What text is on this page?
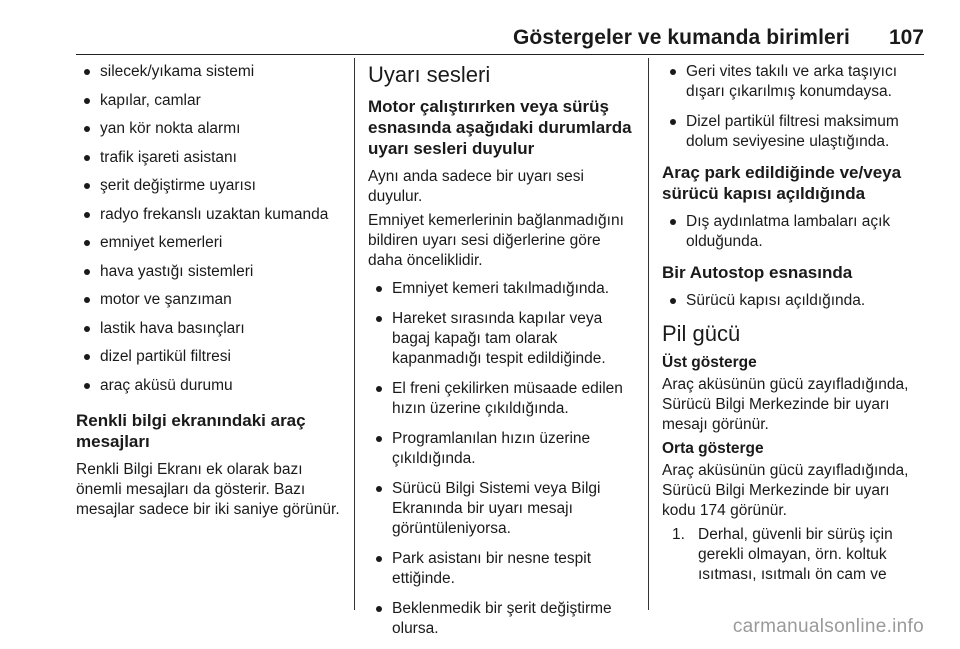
Göstergeler ve kumanda birimleri 107
silecek/yıkama sistemi
kapılar, camlar
yan kör nokta alarmı
trafik işareti asistanı
şerit değiştirme uyarısı
radyo frekanslı uzaktan kumanda
emniyet kemerleri
hava yastığı sistemleri
motor ve şanzıman
lastik hava basınçları
dizel partikül filtresi
araç aküsü durumu
Renkli bilgi ekranındaki araç mesajları

Renkli Bilgi Ekranı ek olarak bazı önemli mesajları da gösterir. Bazı mesajlar sadece bir iki saniye görünür.

Uyarı sesleri
Motor çalıştırırken veya sürüş esnasında aşağıdaki durumlarda uyarı sesleri duyulur

Aynı anda sadece bir uyarı sesi duyulur.

Emniyet kemerlerinin bağlanmadığını bildiren uyarı sesi diğerlerine göre daha önceliklidir.

Emniyet kemeri takılmadığında.
Hareket sırasında kapılar veya bagaj kapağı tam olarak kapanmadığı tespit edildiğinde.
El freni çekilirken müsaade edilen hızın üzerine çıkıldığında.
Programlanılan hızın üzerine çıkıldığında.
Sürücü Bilgi Sistemi veya Bilgi Ekranında bir uyarı mesajı görüntüleniyorsa.
Park asistanı bir nesne tespit ettiğinde.
Beklenmedik bir şerit değiştirme olursa.
Geri vites takılı ve arka taşıyıcı dışarı çıkarılmış konumdaysa.
Dizel partikül filtresi maksimum dolum seviyesine ulaştığında.
Araç park edildiğinde ve/veya sürücü kapısı açıldığında
Dış aydınlatma lambaları açık olduğunda.
Bir Autostop esnasında
Sürücü kapısı açıldığında.
Pil gücü
Üst gösterge

Araç aküsünün gücü zayıfladığında, Sürücü Bilgi Merkezinde bir uyarı mesajı görünür.

Orta gösterge

Araç aküsünün gücü zayıfladığında, Sürücü Bilgi Merkezinde bir uyarı kodu 174 görünür.

1. Derhal, güvenli bir sürüş için gerekli olmayan, örn. koltuk ısıtması, ısıtmalı ön cam ve
carmanualsonline.info
